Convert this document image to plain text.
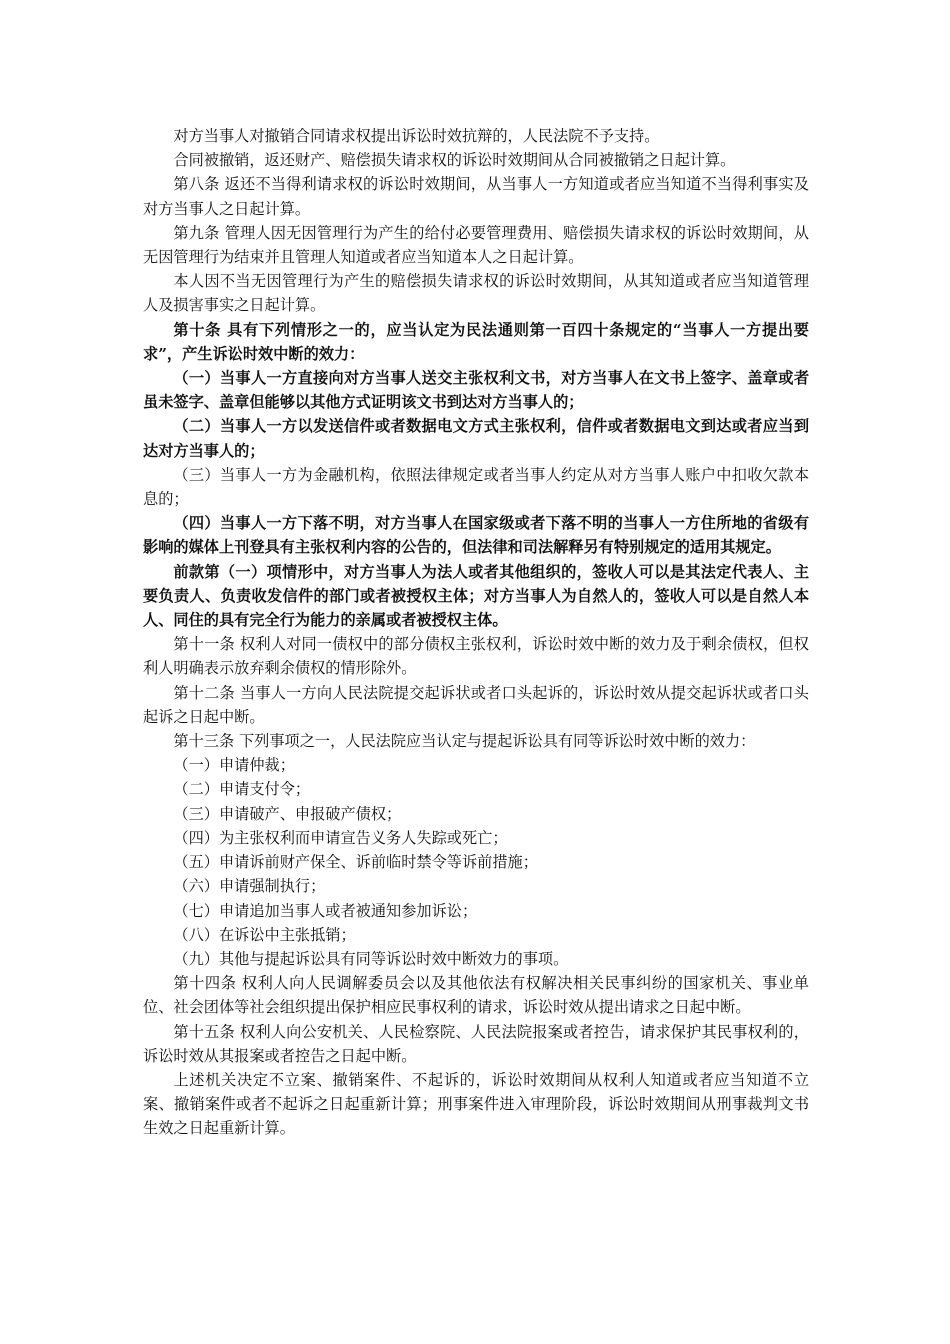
对方当事人对撤销合同请求权提出诉讼时效抗辩的，人民法院不予支持。

合同被撤销，返还财产、赔偿损失请求权的诉讼时效期间从合同被撤销之日起计算。

第八条 返还不当得利请求权的诉讼时效期间，从当事人一方知道或者应当知道不当得利事实及对方当事人之日起计算。

第九条 管理人因无因管理行为产生的给付必要管理费用、赔偿损失请求权的诉讼时效期间，从无因管理行为结束并且管理人知道或者应当知道本人之日起计算。

本人因不当无因管理行为产生的赔偿损失请求权的诉讼时效期间，从其知道或者应当知道管理人及损害事实之日起计算。

第十条 具有下列情形之一的，应当认定为民法通则第一百四十条规定的“当事人一方提出要求”，产生诉讼时效中断的效力：

（一）当事人一方直接向对方当事人送交主张权利文书，对方当事人在文书上签字、盖章或者虽未签字、盖章但能够以其他方式证明该文书到达对方当事人的；

（二）当事人一方以发送信件或者数据电文方式主张权利，信件或者数据电文到达或者应当到达对方当事人的；

（三）当事人一方为金融机构，依照法律规定或者当事人约定从对方当事人账户中扣收欠款本息的；

（四）当事人一方下落不明，对方当事人在国家级或者下落不明的当事人一方住所地的省级有影响的媒体上刊登具有主张权利内容的公告的，但法律和司法解释另有特别规定的适用其规定。

前款第（一）项情形中，对方当事人为法人或者其他组织的，签收人可以是其法定代表人、主要负责人、负责收发信件的部门或者被授权主体；对方当事人为自然人的，签收人可以是自然人本人、同住的具有完全行为能力的亲属或者被授权主体。

第十一条 权利人对同一债权中的部分债权主张权利，诉讼时效中断的效力及于剩余债权，但权利人明确表示放弃剩余债权的情形除外。

第十二条 当事人一方向人民法院提交起诉状或者口头起诉的，诉讼时效从提交起诉状或者口头起诉之日起中断。

第十三条 下列事项之一，人民法院应当认定与提起诉讼具有同等诉讼时效中断的效力：

（一）申请仲裁；

（二）申请支付令；

（三）申请破产、申报破产债权；

（四）为主张权利而申请宣告义务人失踪或死亡；

（五）申请诉前财产保全、诉前临时禁令等诉前措施；

（六）申请强制执行；

（七）申请追加当事人或者被通知参加诉讼；

（八）在诉讼中主张抵销；

（九）其他与提起诉讼具有同等诉讼时效中断效力的事项。

第十四条 权利人向人民调解委员会以及其他依法有权解决相关民事纠纷的国家机关、事业单位、社会团体等社会组织提出保护相应民事权利的请求，诉讼时效从提出请求之日起中断。

第十五条 权利人向公安机关、人民检察院、人民法院报案或者控告，请求保护其民事权利的，诉讼时效从其报案或者控告之日起中断。

上述机关决定不立案、撤销案件、不起诉的，诉讼时效期间从权利人知道或者应当知道不立案、撤销案件或者不起诉之日起重新计算；刑事案件进入审理阶段，诉讼时效期间从刑事裁判文书生效之日起重新计算。
